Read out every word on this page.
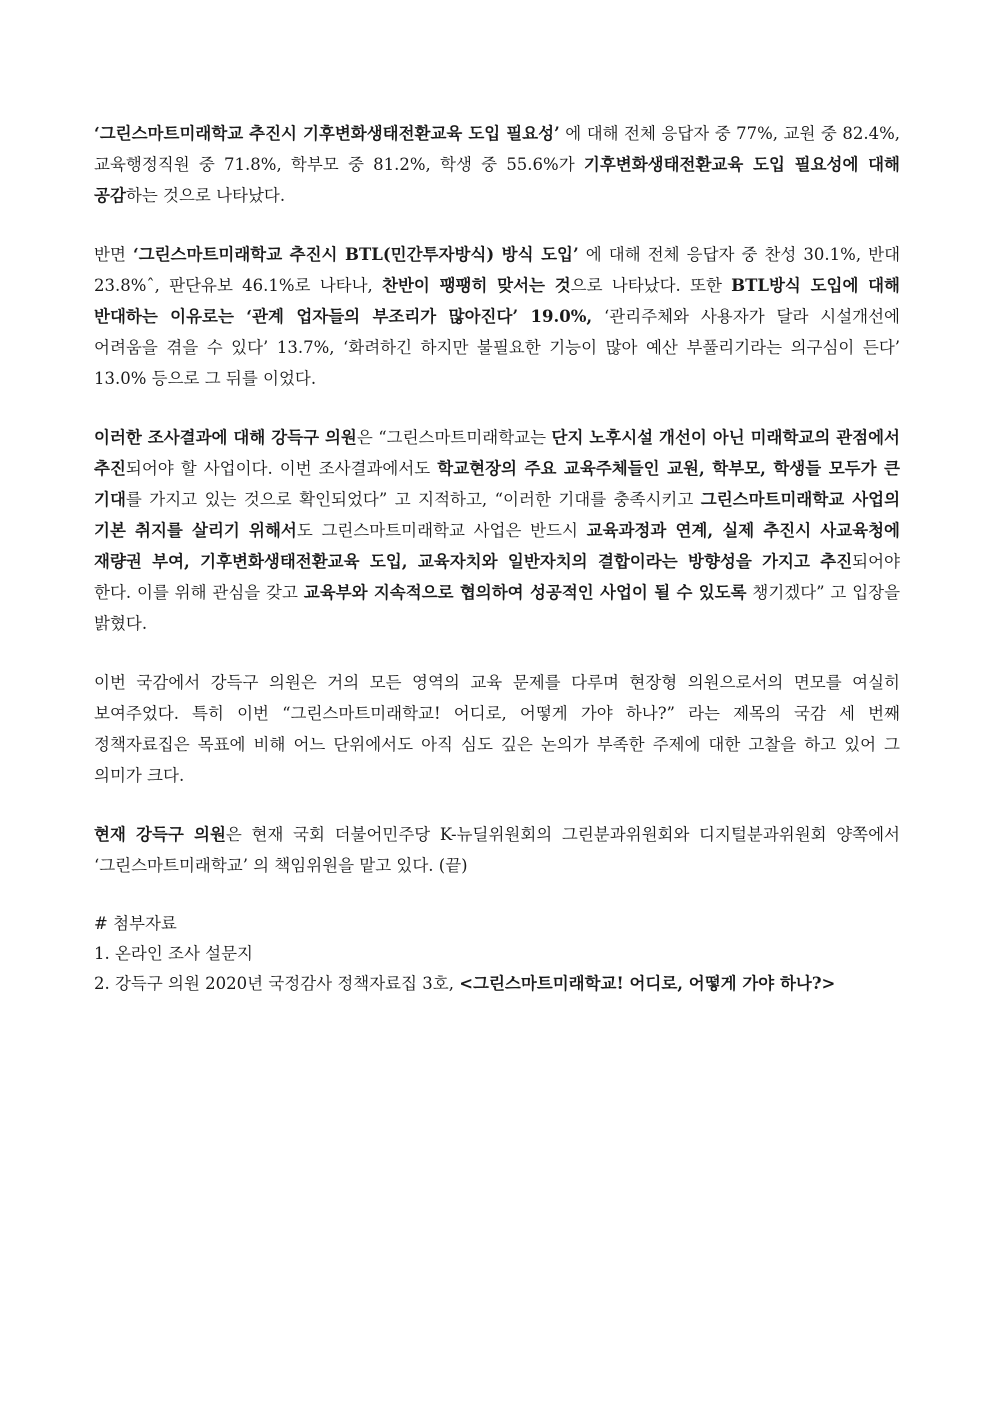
‘그린스마트미래학교 추진시 기후변화생태전환교육 도입 필요성’ 에 대해 전체 응답자 중 77%, 교원 중 82.4%, 교육행정직원 중 71.8%, 학부모 중 81.2%, 학생 중 55.6%가 기후변화생태전환교육 도입 필요성에 대해 공감하는 것으로 나타났다.

반면 ‘그린스마트미래학교 추진시 BTL(민간투자방식) 방식 도입’ 에 대해 전체 응답자 중 찬성 30.1%, 반대 23.8%ˆ, 판단유보 46.1%로 나타나, 찬반이 팽팽히 맞서는 것으로 나타났다. 또한 BTL방식 도입에 대해 반대하는 이유로는 ‘관계 업자들의 부조리가 많아진다’ 19.0%, ‘관리주체와 사용자가 달라 시설개선에 어려움을 겪을 수 있다’ 13.7%, ‘화려하긴 하지만 불필요한 기능이 많아 예산 부풀리기라는 의구심이 든다’ 13.0% 등으로 그 뒤를 이었다.

이러한 조사결과에 대해 강득구 의원은 “그린스마트미래학교는 단지 노후시설 개선이 아닌 미래학교의 관점에서 추진되어야 할 사업이다. 이번 조사결과에서도 학교현장의 주요 교육주체들인 교원, 학부모, 학생들 모두가 큰 기대를 가지고 있는 것으로 확인되었다” 고 지적하고, “이러한 기대를 충족시키고 그린스마트미래학교 사업의 기본 취지를 살리기 위해서도 그린스마트미래학교 사업은 반드시 교육과정과 연계, 실제 추진시 사교육청에 재량권 부여, 기후변화생태전환교육 도입, 교육자치와 일반자치의 결합이라는 방향성을 가지고 추진되어야 한다. 이를 위해 관심을 갖고 교육부와 지속적으로 협의하여 성공적인 사업이 될 수 있도록 챙기겠다” 고 입장을 밝혔다.

이번 국감에서 강득구 의원은 거의 모든 영역의 교육 문제를 다루며 현장형 의원으로서의 면모를 여실히 보여주었다. 특히 이번 “그린스마트미래학교! 어디로, 어떻게 가야 하나?” 라는 제목의 국감 세 번째 정책자료집은 목표에 비해 어느 단위에서도 아직 심도 깊은 논의가 부족한 주제에 대한 고찰을 하고 있어 그 의미가 크다.

현재 강득구 의원은 현재 국회 더불어민주당 K-뉴딜위원회의 그린분과위원회와 디지털분과위원회 양쪽에서 ‘그린스마트미래학교’ 의 책임위원을 맡고 있다. (끝)

# 첨부자료
1. 온라인 조사 설문지
2. 강득구 의원 2020년 국정감사 정책자료집 3호, <그린스마트미래학교! 어디로, 어떻게 가야 하나?>
